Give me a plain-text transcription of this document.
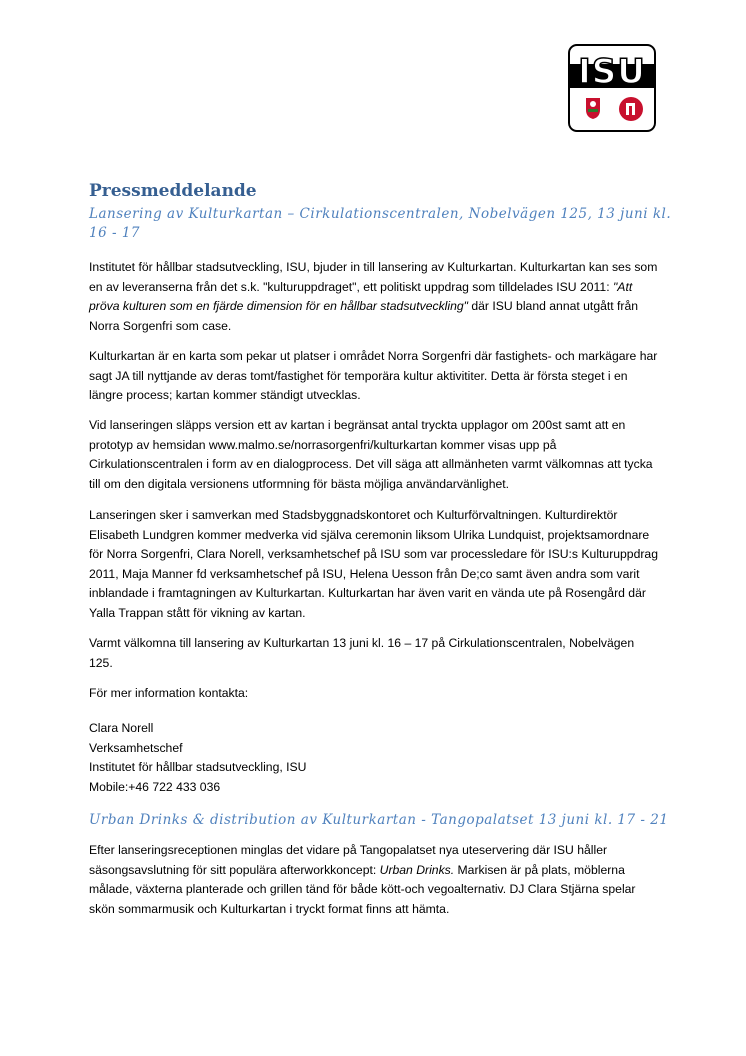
ISU
Pressmeddelande
Lansering av Kulturkartan – Cirkulationscentralen, Nobelvägen 125, 13 juni kl. 16 - 17
Institutet för hållbar stadsutveckling, ISU, bjuder in till lansering av Kulturkartan. Kulturkartan kan ses som en av leveranserna från det s.k. "kulturuppdraget", ett politiskt uppdrag som tilldelades ISU 2011: "Att pröva kulturen som en fjärde dimension för en hållbar stadsutveckling" där ISU bland annat utgått från Norra Sorgenfri som case.
Kulturkartan är en karta som pekar ut platser i området Norra Sorgenfri där fastighets- och markägare har sagt JA till nyttjande av deras tomt/fastighet för temporära kultur aktivititer. Detta är första steget i en längre process; kartan kommer ständigt utvecklas.
Vid lanseringen släpps version ett av kartan i begränsat antal tryckta upplagor om 200st samt att en prototyp av hemsidan www.malmo.se/norrasorgenfri/kulturkartan kommer visas upp på Cirkulationscentralen i form av en dialogprocess. Det vill säga att allmänheten varmt välkomnas att tycka till om den digitala versionens utformning för bästa möjliga användarvänlighet.
Lanseringen sker i samverkan med Stadsbyggnadskontoret och Kulturförvaltningen. Kulturdirektör Elisabeth Lundgren kommer medverka vid själva ceremonin liksom Ulrika Lundquist, projektsamordnare för Norra Sorgenfri, Clara Norell, verksamhetschef på ISU som var processledare för ISU:s Kulturuppdrag 2011, Maja Manner fd verksamhetschef på ISU, Helena Uesson från De;co samt även andra som varit inblandade i framtagningen av Kulturkartan. Kulturkartan har även varit en vända ute på Rosengård där Yalla Trappan stått för vikning av kartan.
Varmt välkomna till lansering av Kulturkartan 13 juni kl. 16 – 17 på Cirkulationscentralen, Nobelvägen 125.
För mer information kontakta:
Clara Norell
Verksamhetschef
Institutet för hållbar stadsutveckling, ISU
Mobile:+46 722 433 036
Urban Drinks & distribution av Kulturkartan - Tangopalatset 13 juni kl. 17 - 21
Efter lanseringsreceptionen minglas det vidare på Tangopalatset nya uteservering där ISU håller säsongsavslutning för sitt populära afterworkkoncept: Urban Drinks. Markisen är på plats, möblerna målade, växterna planterade och grillen tänd för både kött-och vegoalternativ. DJ Clara Stjärna spelar skön sommarmusik och Kulturkartan i tryckt format finns att hämta.
